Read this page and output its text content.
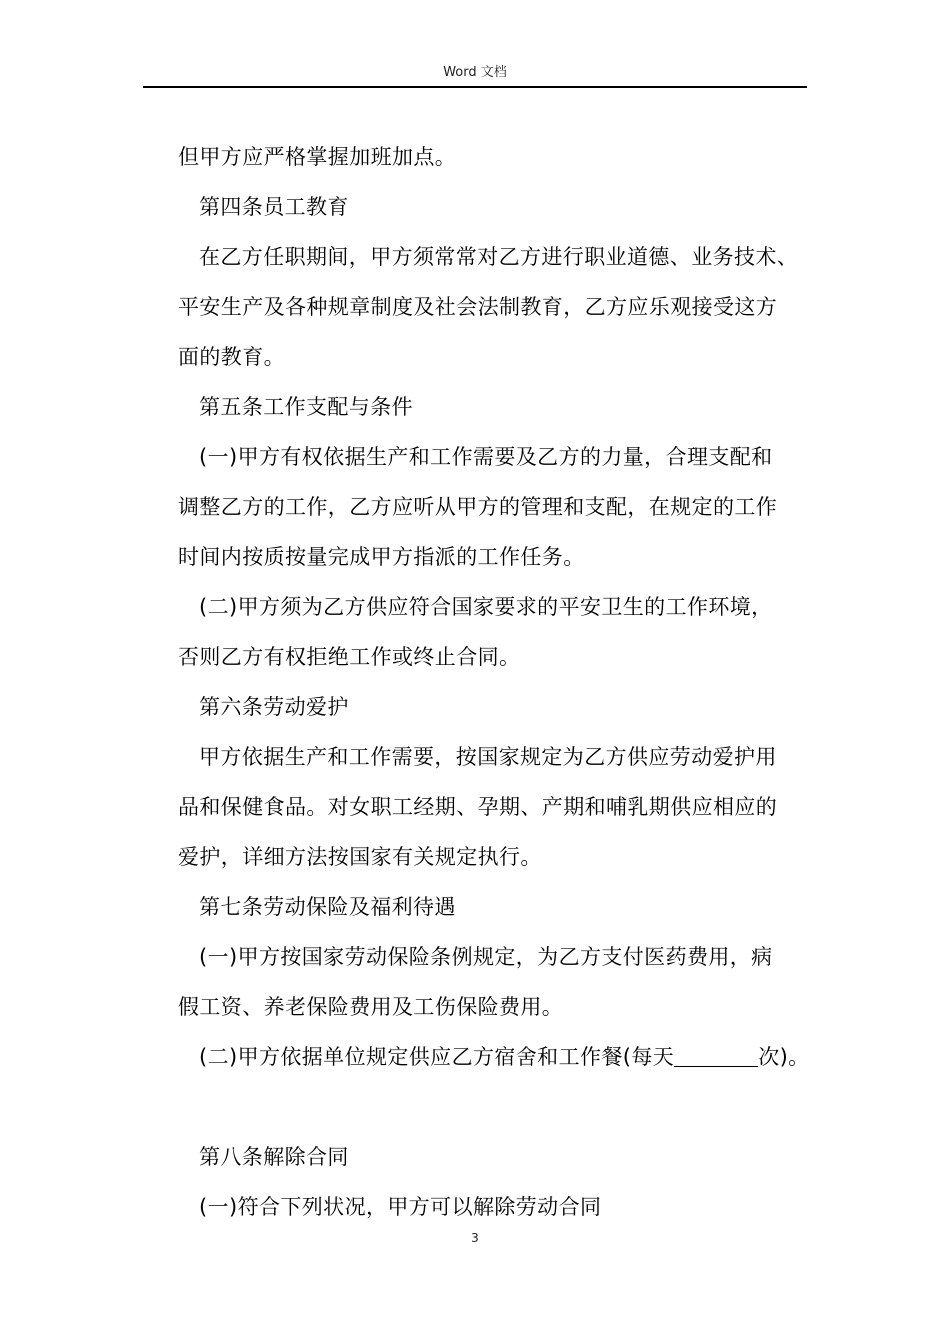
Word 文档
但甲方应严格掌握加班加点。
第四条员工教育
在乙方任职期间，甲方须常常对乙方进行职业道德、业务技术、
平安生产及各种规章制度及社会法制教育，乙方应乐观接受这方
面的教育。
第五条工作支配与条件
(一)甲方有权依据生产和工作需要及乙方的力量，合理支配和
调整乙方的工作，乙方应听从甲方的管理和支配，在规定的工作
时间内按质按量完成甲方指派的工作任务。
(二)甲方须为乙方供应符合国家要求的平安卫生的工作环境，
否则乙方有权拒绝工作或终止合同。
第六条劳动爱护
甲方依据生产和工作需要，按国家规定为乙方供应劳动爱护用
品和保健食品。对女职工经期、孕期、产期和哺乳期供应相应的
爱护，详细方法按国家有关规定执行。
第七条劳动保险及福利待遇
(一)甲方按国家劳动保险条例规定，为乙方支付医药费用，病
假工资、养老保险费用及工伤保险费用。
(二)甲方依据单位规定供应乙方宿舍和工作餐(每天	次)。
第八条解除合同
(一)符合下列状况，甲方可以解除劳动合同
3
